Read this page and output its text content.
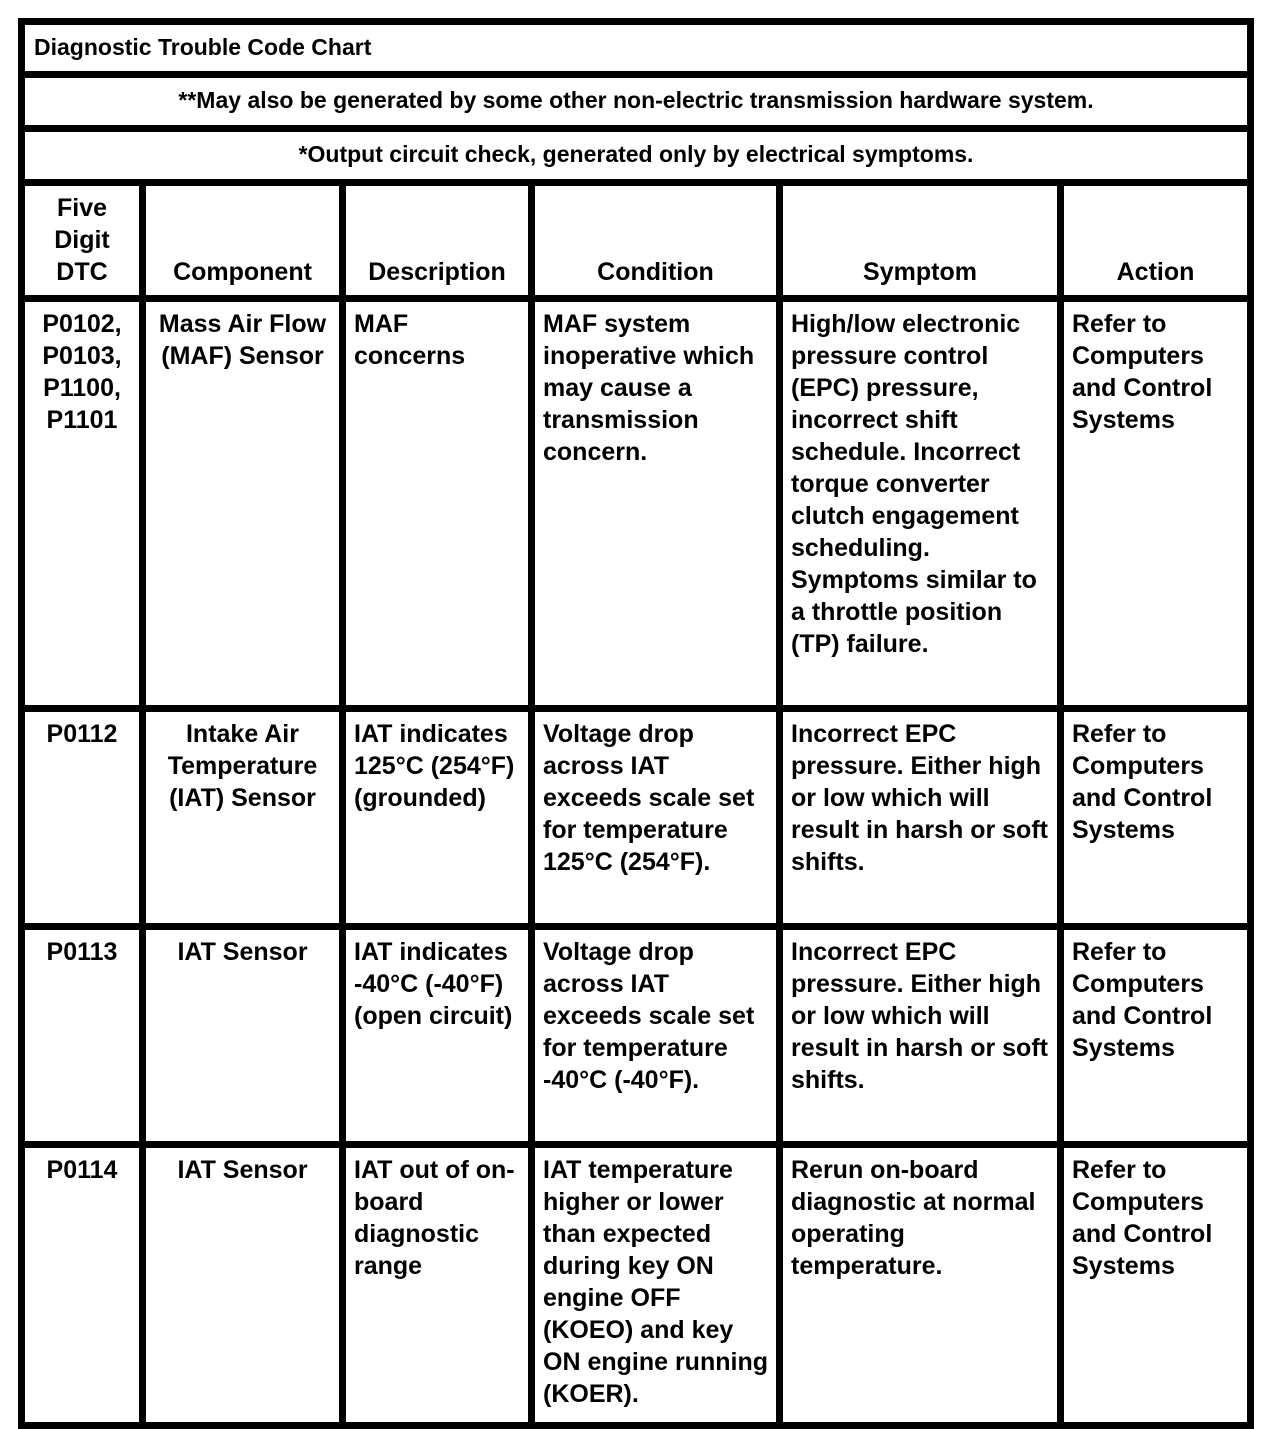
Diagnostic Trouble Code Chart					
**May also be generated by some other non-electric transmission hardware system.					
*Output circuit check, generated only by electrical symptoms.					
Five
Digit
DTC	Component	Description	Condition	Symptom	Action
P0102, P0103, P1100, P1101	Mass Air Flow (MAF) Sensor	MAF concerns	MAF system inoperative which may cause a transmission concern.	High/low electronic pressure control (EPC) pressure, incorrect shift schedule. Incorrect torque converter clutch engagement scheduling. Symptoms similar to a throttle position (TP) failure.	Refer to Computers and Control Systems
P0112	Intake Air Temperature (IAT) Sensor	IAT indicates 125°C (254°F) (grounded)	Voltage drop across IAT exceeds scale set for temperature 125°C (254°F).	Incorrect EPC pressure. Either high or low which will result in harsh or soft shifts.	Refer to Computers and Control Systems
P0113	IAT Sensor	IAT indicates -40°C (-40°F) (open circuit)	Voltage drop across IAT exceeds scale set for temperature -40°C (-40°F).	Incorrect EPC pressure. Either high or low which will result in harsh or soft shifts.	Refer to Computers and Control Systems
P0114	IAT Sensor	IAT out of on-board diagnostic range	IAT temperature higher or lower than expected during key ON engine OFF (KOEO) and key ON engine running (KOER).	Rerun on-board diagnostic at normal operating temperature.	Refer to Computers and Control Systems
